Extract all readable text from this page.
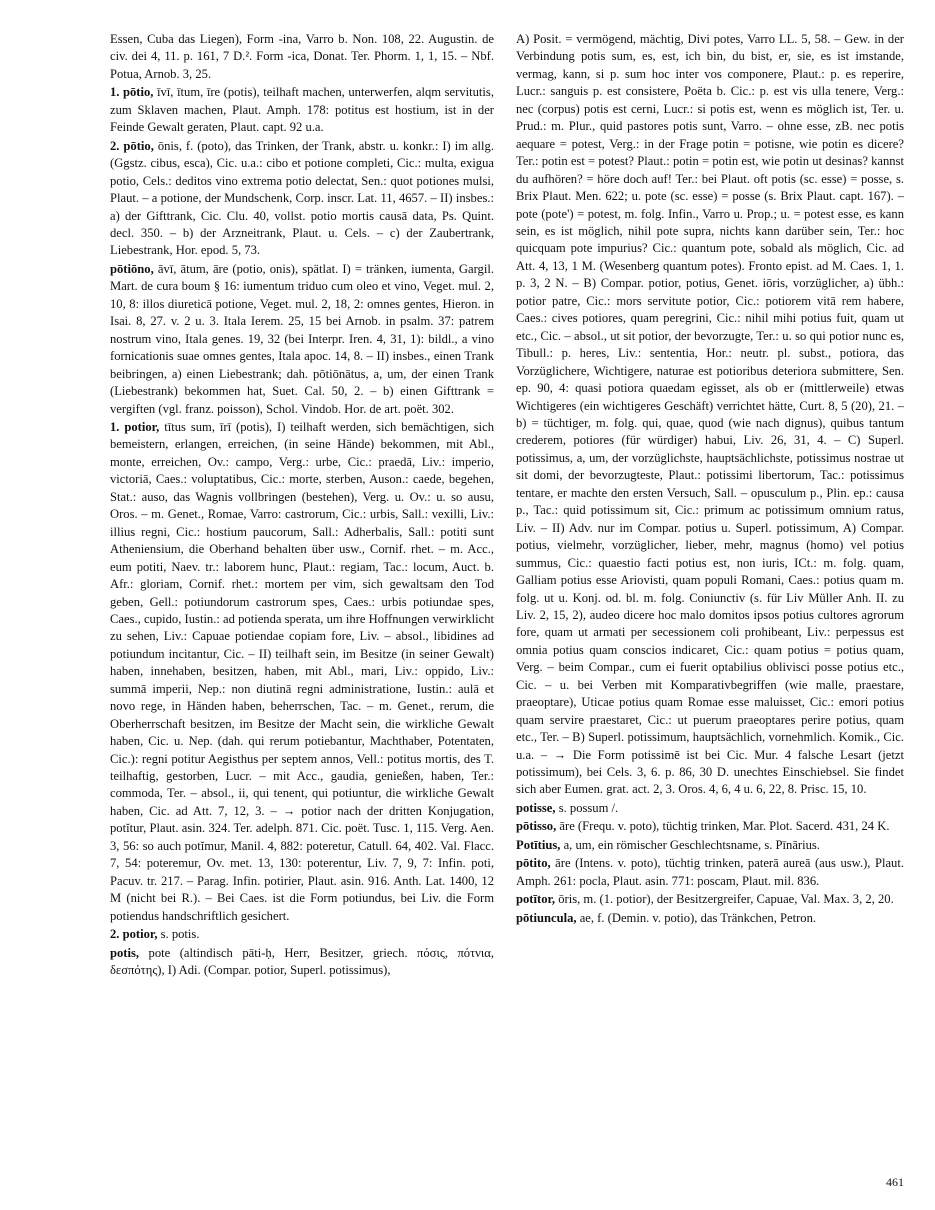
Essen, Cuba das Liegen), Form -ina, Varro b. Non. 108, 22. Augustin. de civ. dei 4, 11. p. 161, 7 D.². Form -ica, Donat. Ter. Phorm. 1, 1, 15. – Nbf. Potua, Arnob. 3, 25.

1. pōtio, īvī, ītum, īre (potis), teilhaft machen, unterwerfen, alqm servitutis, zum Sklaven machen, Plaut. Amph. 178: potitus est hostium, ist in der Feinde Gewalt geraten, Plaut. capt. 92 u.a.

2. pōtio, ōnis, f. (poto), das Trinken, der Trank, abstr. u. konkr.: I) im allg. (Ggstz. cibus, esca), Cic. u.a.: cibo et potione completi, Cic.: multa, exigua potio, Cels.: deditos vino extrema potio delectat, Sen.: quot potiones mulsi, Plaut. – a potione, der Mundschenk, Corp. inscr. Lat. 11, 4657. – II) insbes.: a) der Gifttrank, Cic. Clu. 40, vollst. potio mortis causā data, Ps. Quint. decl. 350. – b) der Arzneitrank, Plaut. u. Cels. – c) der Zaubertrank, Liebestrank, Hor. epod. 5, 73.

pōtiōno, āvī, ātum, āre (potio, onis), spätlat. I) = tränken, iumenta, Gargil. Mart. de cura boum § 16: iumentum triduo cum oleo et vino, Veget. mul. 2, 10, 8: illos diureticā potione, Veget. mul. 2, 18, 2: omnes gentes, Hieron. in Isai. 8, 27. v. 2 u. 3. Itala Ierem. 25, 15 bei Arnob. in psalm. 37: patrem nostrum vino, Itala genes. 19, 32 (bei Interpr. Iren. 4, 31, 1): bildl., a vino fornicationis suae omnes gentes, Itala apoc. 14, 8. – II) insbes., einen Trank beibringen, a) einen Liebestrank; dah. pōtiōnātus, a, um, der einen Trank (Liebestrank) bekommen hat, Suet. Cal. 50, 2. – b) einen Gifttrank = vergiften (vgl. franz. poisson), Schol. Vindob. Hor. de art. poët. 302.

1. potior, tītus sum, īrī (potis), I) teilhaft werden, sich bemächtigen, sich bemeistern, erlangen, erreichen, (in seine Hände) bekommen, mit Abl., monte, erreichen, Ov.: campo, Verg.: urbe, Cic.: praedā, Liv.: imperio, victoriā, Caes.: voluptatibus, Cic.: morte, sterben, Auson.: caede, begehen, Stat.: auso, das Wagnis vollbringen (bestehen), Verg. u. Ov.: u. so ausu, Oros. – m. Genet., Romae, Varro: castrorum, Cic.: urbis, Sall.: vexilli, Liv.: illius regni, Cic.: hostium paucorum, Sall.: Adherbalis, Sall.: potiti sunt Atheniensium, die Oberhand behalten über usw., Cornif. rhet. – m. Acc., eum potiti, Naev. tr.: laborem hunc, Plaut.: regiam, Tac.: locum, Auct. b. Afr.: gloriam, Cornif. rhet.: mortem per vim, sich gewaltsam den Tod geben, Gell.: potiundorum castrorum spes, Caes.: urbis potiundae spes, Caes., cupido, Iustin.: ad potienda sperata, um ihre Hoffnungen verwirklicht zu sehen, Liv.: Capuae potiendae copiam fore, Liv. – absol., libidines ad potiundum incitantur, Cic. – II) teilhaft sein, im Besitze (in seiner Gewalt) haben, innehaben, besitzen, haben, mit Abl., mari, Liv.: oppido, Liv.: summā imperii, Nep.: non diutinā regni administratione, Iustin.: aulā et novo rege, in Händen haben, beherrschen, Tac. – m. Genet., rerum, die Oberherrschaft besitzen, im Besitze der Macht sein, die wirkliche Gewalt haben, Cic. u. Nep. (dah. qui rerum potiebantur, Machthaber, Potentaten, Cic.): regni potitur Aegisthus per septem annos, Vell.: potitus mortis, des T. teilhaftig, gestorben, Lucr. – mit Acc., gaudia, genießen, haben, Ter.: commoda, Ter. – absol., ii, qui tenent, qui potiuntur, die wirkliche Gewalt haben, Cic. ad Att. 7, 12, 3. – → potior nach der dritten Konjugation, potĭtur, Plaut. asin. 324. Ter. adelph. 871. Cic. poët. Tusc. 1, 115. Verg. Aen. 3, 56: so auch potĭmur, Manil. 4, 882: poteretur, Catull. 64, 402. Val. Flacc. 7, 54: poteremur, Ov. met. 13, 130: poterentur, Liv. 7, 9, 7: Infin. poti, Pacuv. tr. 217. – Parag. Infin. potirier, Plaut. asin. 916. Anth. Lat. 1400, 12 M (nicht bei R.). – Bei Caes. ist die Form potiundus, bei Liv. die Form potiendus handschriftlich gesichert.

2. potior, s. potis.

potis, pote (altindisch pāti-ḥ, Herr, Besitzer, griech. πόσις, πότνια, δεσπότης), I) Adi. (Compar. potior, Superl. potissimus),

A) Posit. = vermögend, mächtig, Divi potes, Varro LL. 5, 58. – Gew. in der Verbindung potis sum, es, est, ich bin, du bist, er, sie, es ist imstande, vermag, kann, si p. sum hoc inter vos componere, Plaut.: p. es reperire, Lucr.: sanguis p. est consistere, Poëta b. Cic.: p. est vis ulla tenere, Verg.: nec (corpus) potis est cerni, Lucr.: si potis est, wenn es möglich ist, Ter. u. Prud.: m. Plur., quid pastores potis sunt, Varro. – ohne esse, zB. nec potis aequare = potest, Verg.: in der Frage potin = potisne, wie potin es dicere? Ter.: potin est = potest? Plaut.: potin = potin est, wie potin ut desinas? kannst du aufhören? = höre doch auf! Ter.: bei Plaut. oft potis (sc. esse) = posse, s. Brix Plaut. Men. 622; u. pote (sc. esse) = posse (s. Brix Plaut. capt. 167). – pote (pote') = potest, m. folg. Infin., Varro u. Prop.; u. = potest esse, es kann sein, es ist möglich, nihil pote supra, nichts kann darüber sein, Ter.: hoc quicquam pote impurius? Cic.: quantum pote, sobald als möglich, Cic. ad Att. 4, 13, 1 M. (Wesenberg quantum potes). Fronto epist. ad M. Caes. 1, 1. p. 3, 2 N. – B) Compar. potior, potius, Genet. iōris, vorzüglicher, a) übh.: potior patre, Cic.: mors servitute potior, Cic.: potiorem vitā rem habere, Caes.: cives potiores, quam peregrini, Cic.: nihil mihi potius fuit, quam ut etc., Cic. – absol., ut sit potior, der bevorzugte, Ter.: u. so qui potior nunc es, Tibull.: p. heres, Liv.: sententia, Hor.: neutr. pl. subst., potiora, das Vorzüglichere, Wichtigere, naturae est potioribus deteriora submittere, Sen. ep. 90, 4: quasi potiora quaedam egisset, als ob er (mittlerweile) etwas Wichtigeres (ein wichtigeres Geschäft) verrichtet hätte, Curt. 8, 5 (20), 21. – b) = tüchtiger, m. folg. qui, quae, quod (wie nach dignus), quibus tantum crederem, potiores (für würdiger) habui, Liv. 26, 31, 4. – C) Superl. potissimus, a, um, der vorzüglichste, hauptsächlichste, potissimus nostrae ut sit domi, der bevorzugteste, Plaut.: potissimi libertorum, Tac.: potissimus tentare, er machte den ersten Versuch, Sall. – opusculum p., Plin. ep.: causa p., Tac.: quid potissimum sit, Cic.: primum ac potissimum omnium ratus, Liv. – II) Adv. nur im Compar. potius u. Superl. potissimum, A) Compar. potius, vielmehr, vorzüglicher, lieber, mehr, magnus (homo) vel potius summus, Cic.: quaestio facti potius est, non iuris, ICt.: m. folg. quam, Galliam potius esse Ariovisti, quam populi Romani, Caes.: potius quam m. folg. ut u. Konj. od. bl. m. folg. Coniunctiv (s. für Liv Müller Anh. II. zu Liv. 2, 15, 2), audeo dicere hoc malo domitos ipsos potius cultores agrorum fore, quam ut armati per secessionem coli prohibeant, Liv.: perpessus est omnia potius quam conscios indicaret, Cic.: quam potius = potius quam, Verg. – beim Compar., cum ei fuerit optabilius oblivisci posse potius etc., Cic. – u. bei Verben mit Komparativbegriffen (wie malle, praestare, praeoptare), Uticae potius quam Romae esse maluisset, Cic.: emori potius quam servire praestaret, Cic.: ut puerum praeoptares perire potius, quam etc., Ter. – B) Superl. potissimum, hauptsächlich, vornehmlich. Komik., Cic. u.a. – → Die Form potissimē ist bei Cic. Mur. 4 falsche Lesart (jetzt potissimum), bei Cels. 3, 6. p. 86, 30 D. unechtes Einschiebsel. Sie findet sich aber Eumen. grat. act. 2, 3. Oros. 4, 6, 4 u. 6, 22, 8. Prisc. 15, 10.

potisse, s. possum /.

pōtisso, āre (Frequ. v. poto), tüchtig trinken, Mar. Plot. Sacerd. 431, 24 K.

Potītius, a, um, ein römischer Geschlechtsname, s. Pīnārius.

pōtito, āre (Intens. v. poto), tüchtig trinken, paterā aureā (aus usw.), Plaut. Amph. 261: pocla, Plaut. asin. 771: poscam, Plaut. mil. 836.

potītor, ōris, m. (1. potior), der Besitzergreifer, Capuae, Val. Max. 3, 2, 20.

pōtiuncula, ae, f. (Demin. v. potio), das Tränkchen, Petron.

461
